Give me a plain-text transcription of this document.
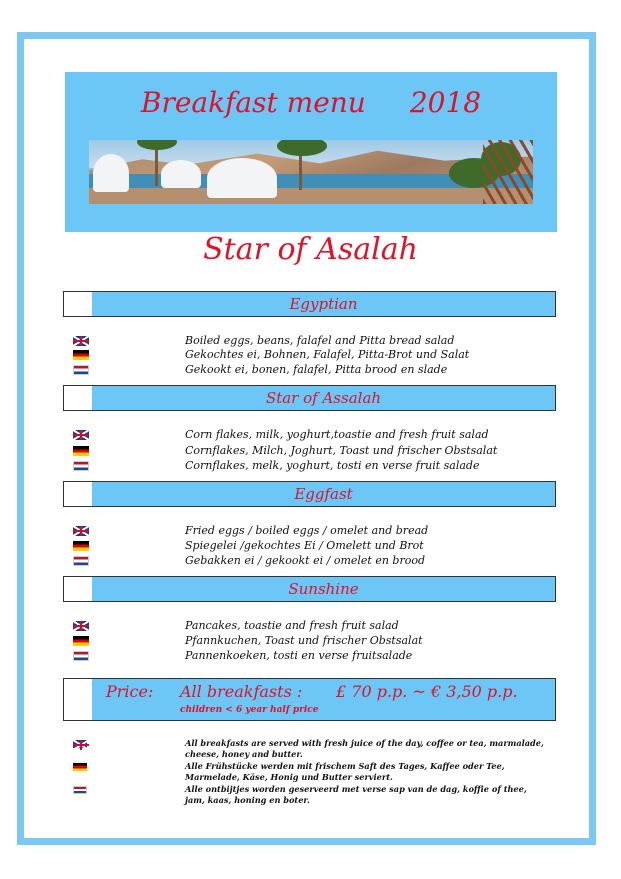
Breakfast menu 2018
Star of Asalah
Egyptian
Boiled eggs, beans, falafel and Pitta bread salad
Gekochtes ei, Bohnen, Falafel, Pitta-Brot und Salat
Gekookt ei, bonen, falafel, Pitta brood en slade
Star of Assalah
Corn flakes, milk, yoghurt,toastie and fresh fruit salad
Cornflakes, Milch, Joghurt, Toast und frischer Obstsalat
Cornflakes, melk, yoghurt, tosti en verse fruit salade
Eggfast
Fried eggs / boiled eggs / omelet and bread
Spiegelei /gekochtes Ei / Omelett und Brot
Gebakken ei / gekookt ei / omelet en brood
Sunshine
Pancakes, toastie and fresh fruit salad
Pfannkuchen, Toast und frischer Obstsalat
Pannenkoeken, tosti en verse fruitsalade
Price: All breakfasts : £ 70 p.p. ~ € 3,50 p.p.
children < 6 year half price
All breakfasts are served with fresh juice of the day, coffee or tea, marmalade, cheese, honey and butter.
Alle Frühstücke werden mit frischem Saft des Tages, Kaffee oder Tee, Marmelade, Käse, Honig und Butter serviert.
Alle ontbijtjes worden geserveerd met verse sap van de dag, koffie of thee, jam, kaas, honing en boter.
